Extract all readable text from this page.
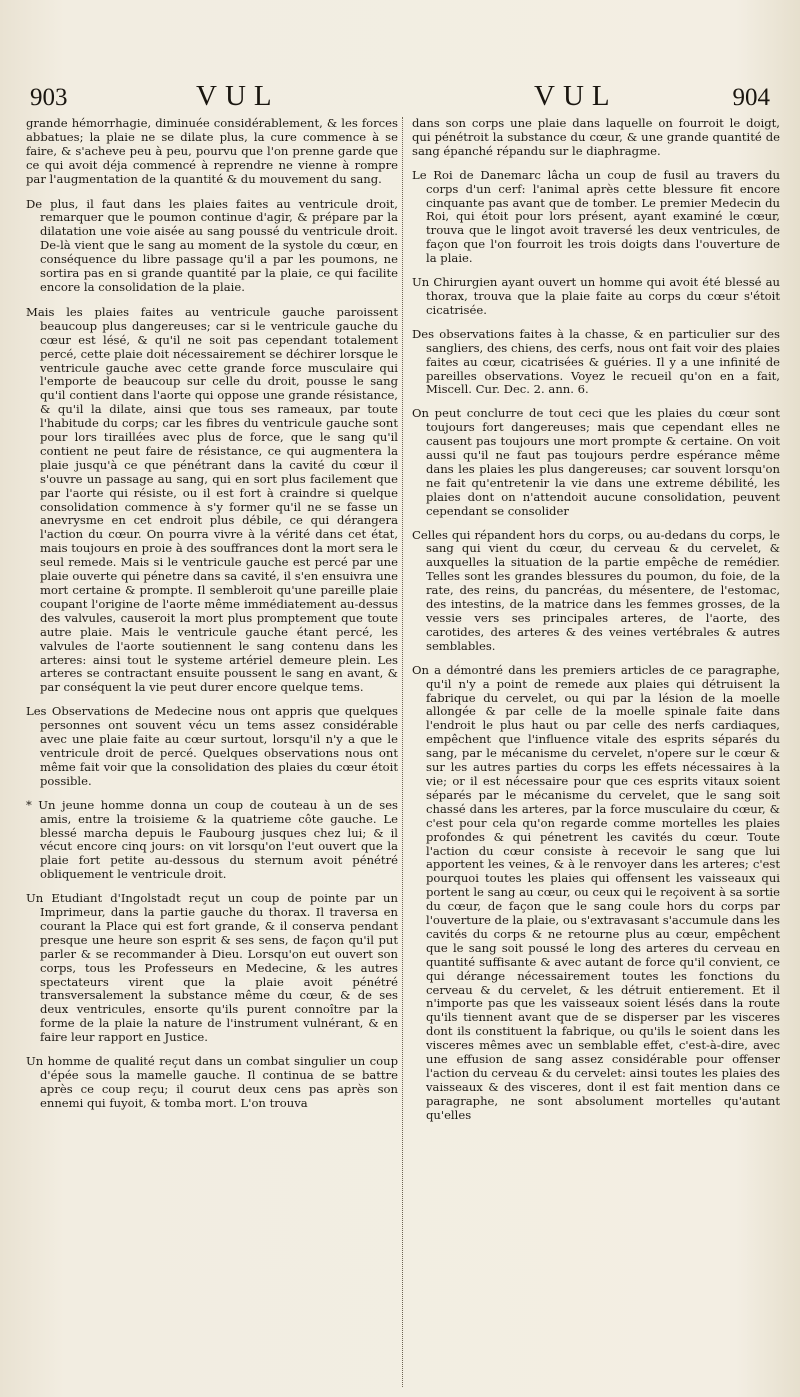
903	VUL	VUL	904

grande hémorrhagie, diminuée considérablement, & les forces abbatues; la plaie ne se dilate plus, la cure commence à se faire, & s'acheve peu à peu, pourvu que l'on prenne garde que ce qui avoit déja commencé à reprendre ne vienne à rompre par l'augmentation de la quantité & du mouvement du sang.

De plus, il faut dans les plaies faites au ventricule droit, remarquer que le poumon continue d'agir, & prépare par la dilatation une voie aisée au sang poussé du ventricule droit. De-là vient que le sang au moment de la systole du cœur, en conséquence du libre passage qu'il a par les poumons, ne sortira pas en si grande quantité par la plaie, ce qui facilite encore la consolidation de la plaie.

Mais les plaies faites au ventricule gauche paroissent beaucoup plus dangereuses; car si le ventricule gauche du cœur est lésé, & qu'il ne soit pas cependant totalement percé, cette plaie doit nécessairement se déchirer lorsque le ventricule gauche avec cette grande force musculaire qui l'emporte de beaucoup sur celle du droit, pousse le sang qu'il contient dans l'aorte qui oppose une grande résistance, & qu'il la dilate, ainsi que tous ses rameaux, par toute l'habitude du corps; car les fibres du ventricule gauche sont pour lors tiraillées avec plus de force, que le sang qu'il contient ne peut faire de résistance, ce qui augmentera la plaie jusqu'à ce que pénétrant dans la cavité du cœur il s'ouvre un passage au sang, qui en sort plus facilement que par l'aorte qui résiste, ou il est fort à craindre si quelque consolidation commence à s'y former qu'il ne se fasse un anevrysme en cet endroit plus débile, ce qui dérangera l'action du cœur. On pourra vivre à la vérité dans cet état, mais toujours en proie à des souffrances dont la mort sera le seul remede. Mais si le ventricule gauche est percé par une plaie ouverte qui pénetre dans sa cavité, il s'en ensuivra une mort certaine & prompte. Il sembleroit qu'une pareille plaie coupant l'origine de l'aorte même immédiatement au-dessus des valvules, causeroit la mort plus promptement que toute autre plaie. Mais le ventricule gauche étant percé, les valvules de l'aorte soutiennent le sang contenu dans les arteres: ainsi tout le systeme artériel demeure plein. Les arteres se contractant ensuite poussent le sang en avant, & par conséquent la vie peut durer encore quelque tems.

Les Observations de Medecine nous ont appris que quelques personnes ont souvent vécu un tems assez considérable avec une plaie faite au cœur surtout, lorsqu'il n'y a que le ventricule droit de percé. Quelques observations nous ont même fait voir que la consolidation des plaies du cœur étoit possible.

* Un jeune homme donna un coup de couteau à un de ses amis, entre la troisieme & la quatrieme côte gauche. Le blessé marcha depuis le Faubourg jusques chez lui; & il vécut encore cinq jours: on vit lorsqu'on l'eut ouvert que la plaie fort petite au-dessous du sternum avoit pénétré obliquement le ventricule droit.

Un Etudiant d'Ingolstadt reçut un coup de pointe par un Imprimeur, dans la partie gauche du thorax. Il traversa en courant la Place qui est fort grande, & il conserva pendant presque une heure son esprit & ses sens, de façon qu'il put parler & se recommander à Dieu. Lorsqu'on eut ouvert son corps, tous les Professeurs en Medecine, & les autres spectateurs virent que la plaie avoit pénétré transversalement la substance même du cœur, & de ses deux ventricules, ensorte qu'ils purent connoître par la forme de la plaie la nature de l'instrument vulnérant, & en faire leur rapport en Justice.

Un homme de qualité reçut dans un combat singulier un coup d'épée sous la mamelle gauche. Il continua de se battre après ce coup reçu; il courut deux cens pas après son ennemi qui fuyoit, & tomba mort. L'on trouva

dans son corps une plaie dans laquelle on fourroit le doigt, qui pénétroit la substance du cœur, & une grande quantité de sang épanché répandu sur le diaphragme.

Le Roi de Danemarc lâcha un coup de fusil au travers du corps d'un cerf: l'animal après cette blessure fit encore cinquante pas avant que de tomber. Le premier Medecin du Roi, qui étoit pour lors présent, ayant examiné le cœur, trouva que le lingot avoit traversé les deux ventricules, de façon que l'on fourroit les trois doigts dans l'ouverture de la plaie.

Un Chirurgien ayant ouvert un homme qui avoit été blessé au thorax, trouva que la plaie faite au corps du cœur s'étoit cicatrisée.

Des observations faites à la chasse, & en particulier sur des sangliers, des chiens, des cerfs, nous ont fait voir des plaies faites au cœur, cicatrisées & guéries. Il y a une infinité de pareilles observations. Voyez le recueil qu'on en a fait, Miscell. Cur. Dec. 2. ann. 6.

On peut conclurre de tout ceci que les plaies du cœur sont toujours fort dangereuses; mais que cependant elles ne causent pas toujours une mort prompte & certaine. On voit aussi qu'il ne faut pas toujours perdre espérance même dans les plaies les plus dangereuses; car souvent lorsqu'on ne fait qu'entretenir la vie dans une extreme débilité, les plaies dont on n'attendoit aucune consolidation, peuvent cependant se consolider

Celles qui répandent hors du corps, ou au-dedans du corps, le sang qui vient du cœur, du cerveau & du cervelet, & auxquelles la situation de la partie empêche de remédier. Telles sont les grandes blessures du poumon, du foie, de la rate, des reins, du pancréas, du mésentere, de l'estomac, des intestins, de la matrice dans les femmes grosses, de la vessie vers ses principales arteres, de l'aorte, des carotides, des arteres & des veines vertébrales & autres semblables.

On a démontré dans les premiers articles de ce paragraphe, qu'il n'y a point de remede aux plaies qui détruisent la fabrique du cervelet, ou qui par la lésion de la moelle allongée & par celle de la moelle spinale faite dans l'endroit le plus haut ou par celle des nerfs cardiaques, empêchent que l'influence vitale des esprits séparés du sang, par le mécanisme du cervelet, n'opere sur le cœur & sur les autres parties du corps les effets nécessaires à la vie; or il est nécessaire pour que ces esprits vitaux soient séparés par le mécanisme du cervelet, que le sang soit chassé dans les arteres, par la force musculaire du cœur, & c'est pour cela qu'on regarde comme mortelles les plaies profondes & qui pénetrent les cavités du cœur. Toute l'action du cœur consiste à recevoir le sang que lui apportent les veines, & à le renvoyer dans les arteres; c'est pourquoi toutes les plaies qui offensent les vaisseaux qui portent le sang au cœur, ou ceux qui le reçoivent à sa sortie du cœur, de façon que le sang coule hors du corps par l'ouverture de la plaie, ou s'extravasant s'accumule dans les cavités du corps & ne retourne plus au cœur, empêchent que le sang soit poussé le long des arteres du cerveau en quantité suffisante & avec autant de force qu'il convient, ce qui dérange nécessairement toutes les fonctions du cerveau & du cervelet, & les détruit entierement. Et il n'importe pas que les vaisseaux soient lésés dans la route qu'ils tiennent avant que de se disperser par les visceres dont ils constituent la fabrique, ou qu'ils le soient dans les visceres mêmes avec un semblable effet, c'est-à-dire, avec une effusion de sang assez considérable pour offenser l'action du cerveau & du cervelet: ainsi toutes les plaies des vaisseaux & des visceres, dont il est fait mention dans ce paragraphe, ne sont absolument mortelles qu'autant qu'elles
